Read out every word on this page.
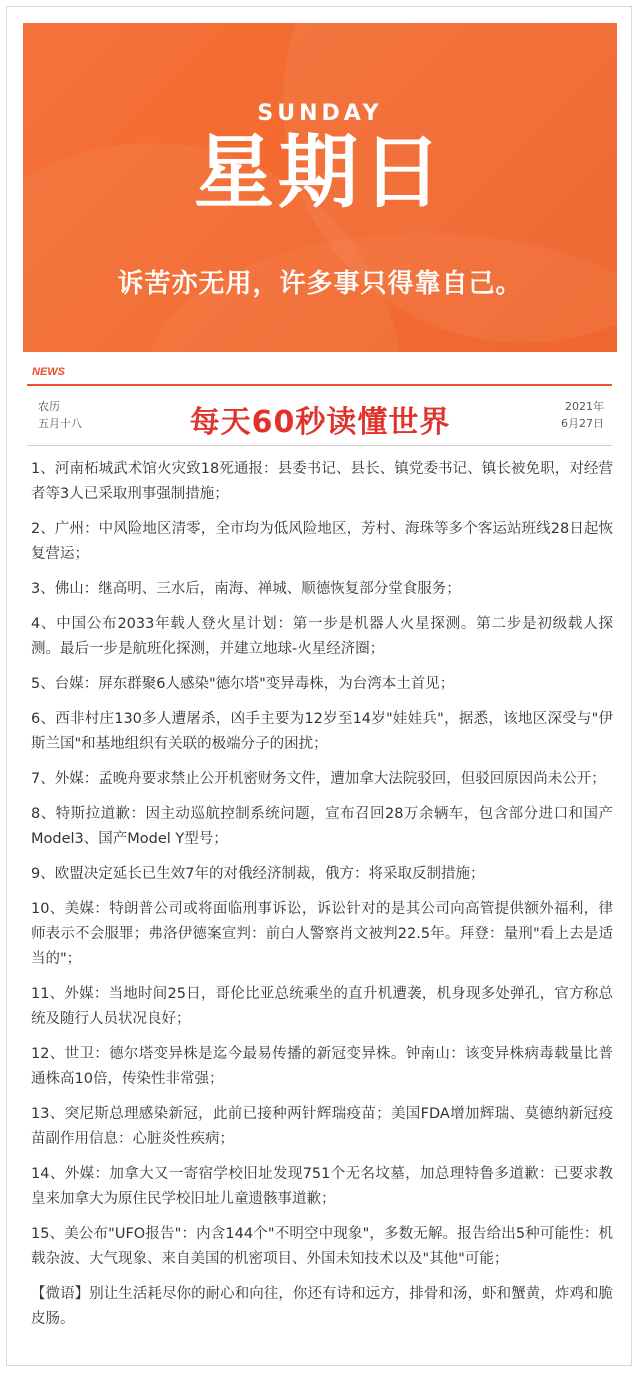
SUNDAY
星期日
诉苦亦无用，许多事只得靠自己。
NEWS
农历
五月十八	每天60秒读懂世界	2021年
6月27日

1、河南柘城武术馆火灾致18死通报：县委书记、县长、镇党委书记、镇长被免职，对经营者等3人已采取刑事强制措施；

2、广州：中风险地区清零，全市均为低风险地区，芳村、海珠等多个客运站班线28日起恢复营运；

3、佛山：继高明、三水后，南海、禅城、顺德恢复部分堂食服务；

4、中国公布2033年载人登火星计划：第一步是机器人火星探测。第二步是初级载人探测。最后一步是航班化探测，并建立地球-火星经济圈；

5、台媒：屏东群聚6人感染"德尔塔"变异毒株，为台湾本土首见；

6、西非村庄130多人遭屠杀，凶手主要为12岁至14岁"娃娃兵"，据悉，该地区深受与"伊斯兰国"和基地组织有关联的极端分子的困扰；

7、外媒：孟晚舟要求禁止公开机密财务文件，遭加拿大法院驳回，但驳回原因尚未公开；

8、特斯拉道歉：因主动巡航控制系统问题，宣布召回28万余辆车，包含部分进口和国产Model3、国产Model Y型号；

9、欧盟决定延长已生效7年的对俄经济制裁，俄方：将采取反制措施；

10、美媒：特朗普公司或将面临刑事诉讼，诉讼针对的是其公司向高管提供额外福利，律师表示不会服罪；弗洛伊德案宣判：前白人警察肖文被判22.5年。拜登：量刑"看上去是适当的"；

11、外媒：当地时间25日，哥伦比亚总统乘坐的直升机遭袭，机身现多处弹孔，官方称总统及随行人员状况良好；

12、世卫：德尔塔变异株是迄今最易传播的新冠变异株。钟南山：该变异株病毒载量比普通株高10倍，传染性非常强；

13、突尼斯总理感染新冠，此前已接种两针辉瑞疫苗；美国FDA增加辉瑞、莫德纳新冠疫苗副作用信息：心脏炎性疾病；

14、外媒：加拿大又一寄宿学校旧址发现751个无名坟墓，加总理特鲁多道歉：已要求教皇来加拿大为原住民学校旧址儿童遗骸事道歉；

15、美公布"UFO报告"：内含144个"不明空中现象"，多数无解。报告给出5种可能性：机载杂波、大气现象、来自美国的机密项目、外国未知技术以及"其他"可能；

【微语】别让生活耗尽你的耐心和向往，你还有诗和远方，排骨和汤，虾和蟹黄，炸鸡和脆皮肠。
